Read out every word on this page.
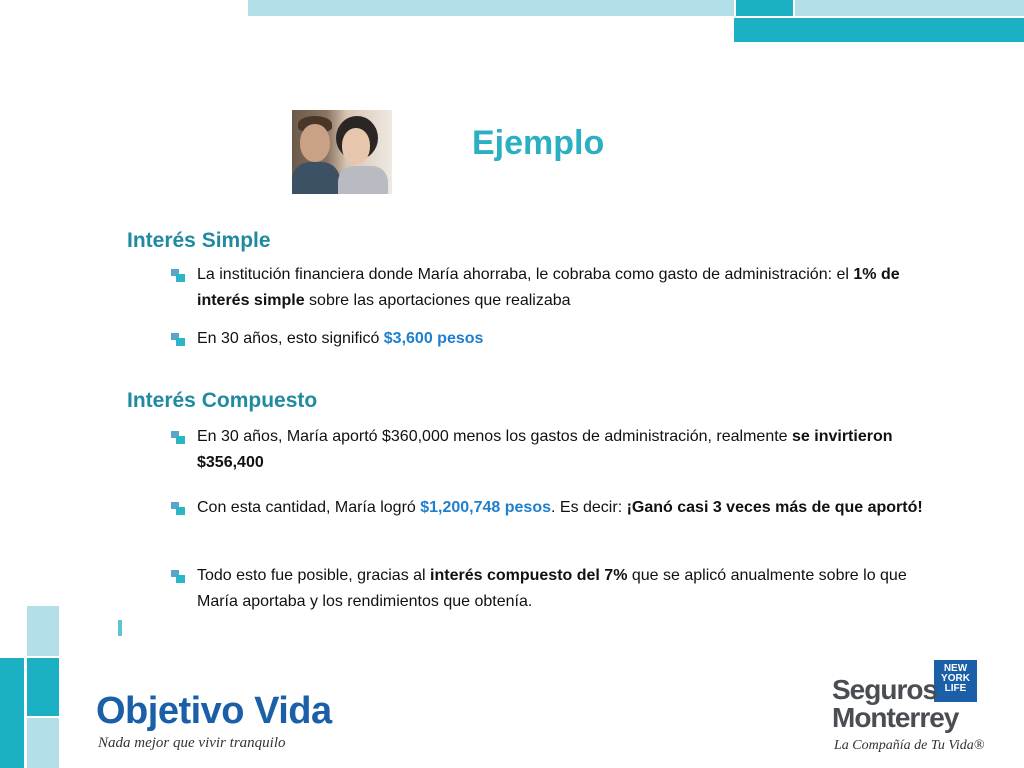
Ejemplo
Interés Simple
La institución financiera donde María ahorraba, le cobraba como gasto de administración: el 1% de interés simple sobre las aportaciones que realizaba
En 30 años, esto significó $3,600 pesos
Interés Compuesto
En 30 años, María aportó $360,000 menos los gastos de administración, realmente se invirtieron $356,400
Con esta cantidad, María logró $1,200,748 pesos. Es decir: ¡Ganó casi 3 veces más de que aportó!
Todo esto fue posible, gracias al interés compuesto del 7% que se aplicó anualmente sobre lo que María aportaba y los rendimientos que obtenía.
Objetivo Vida
Nada mejor que vivir tranquilo
NEW
YORK
LIFE
Seguros
Monterrey
La Compañía de Tu Vida®
